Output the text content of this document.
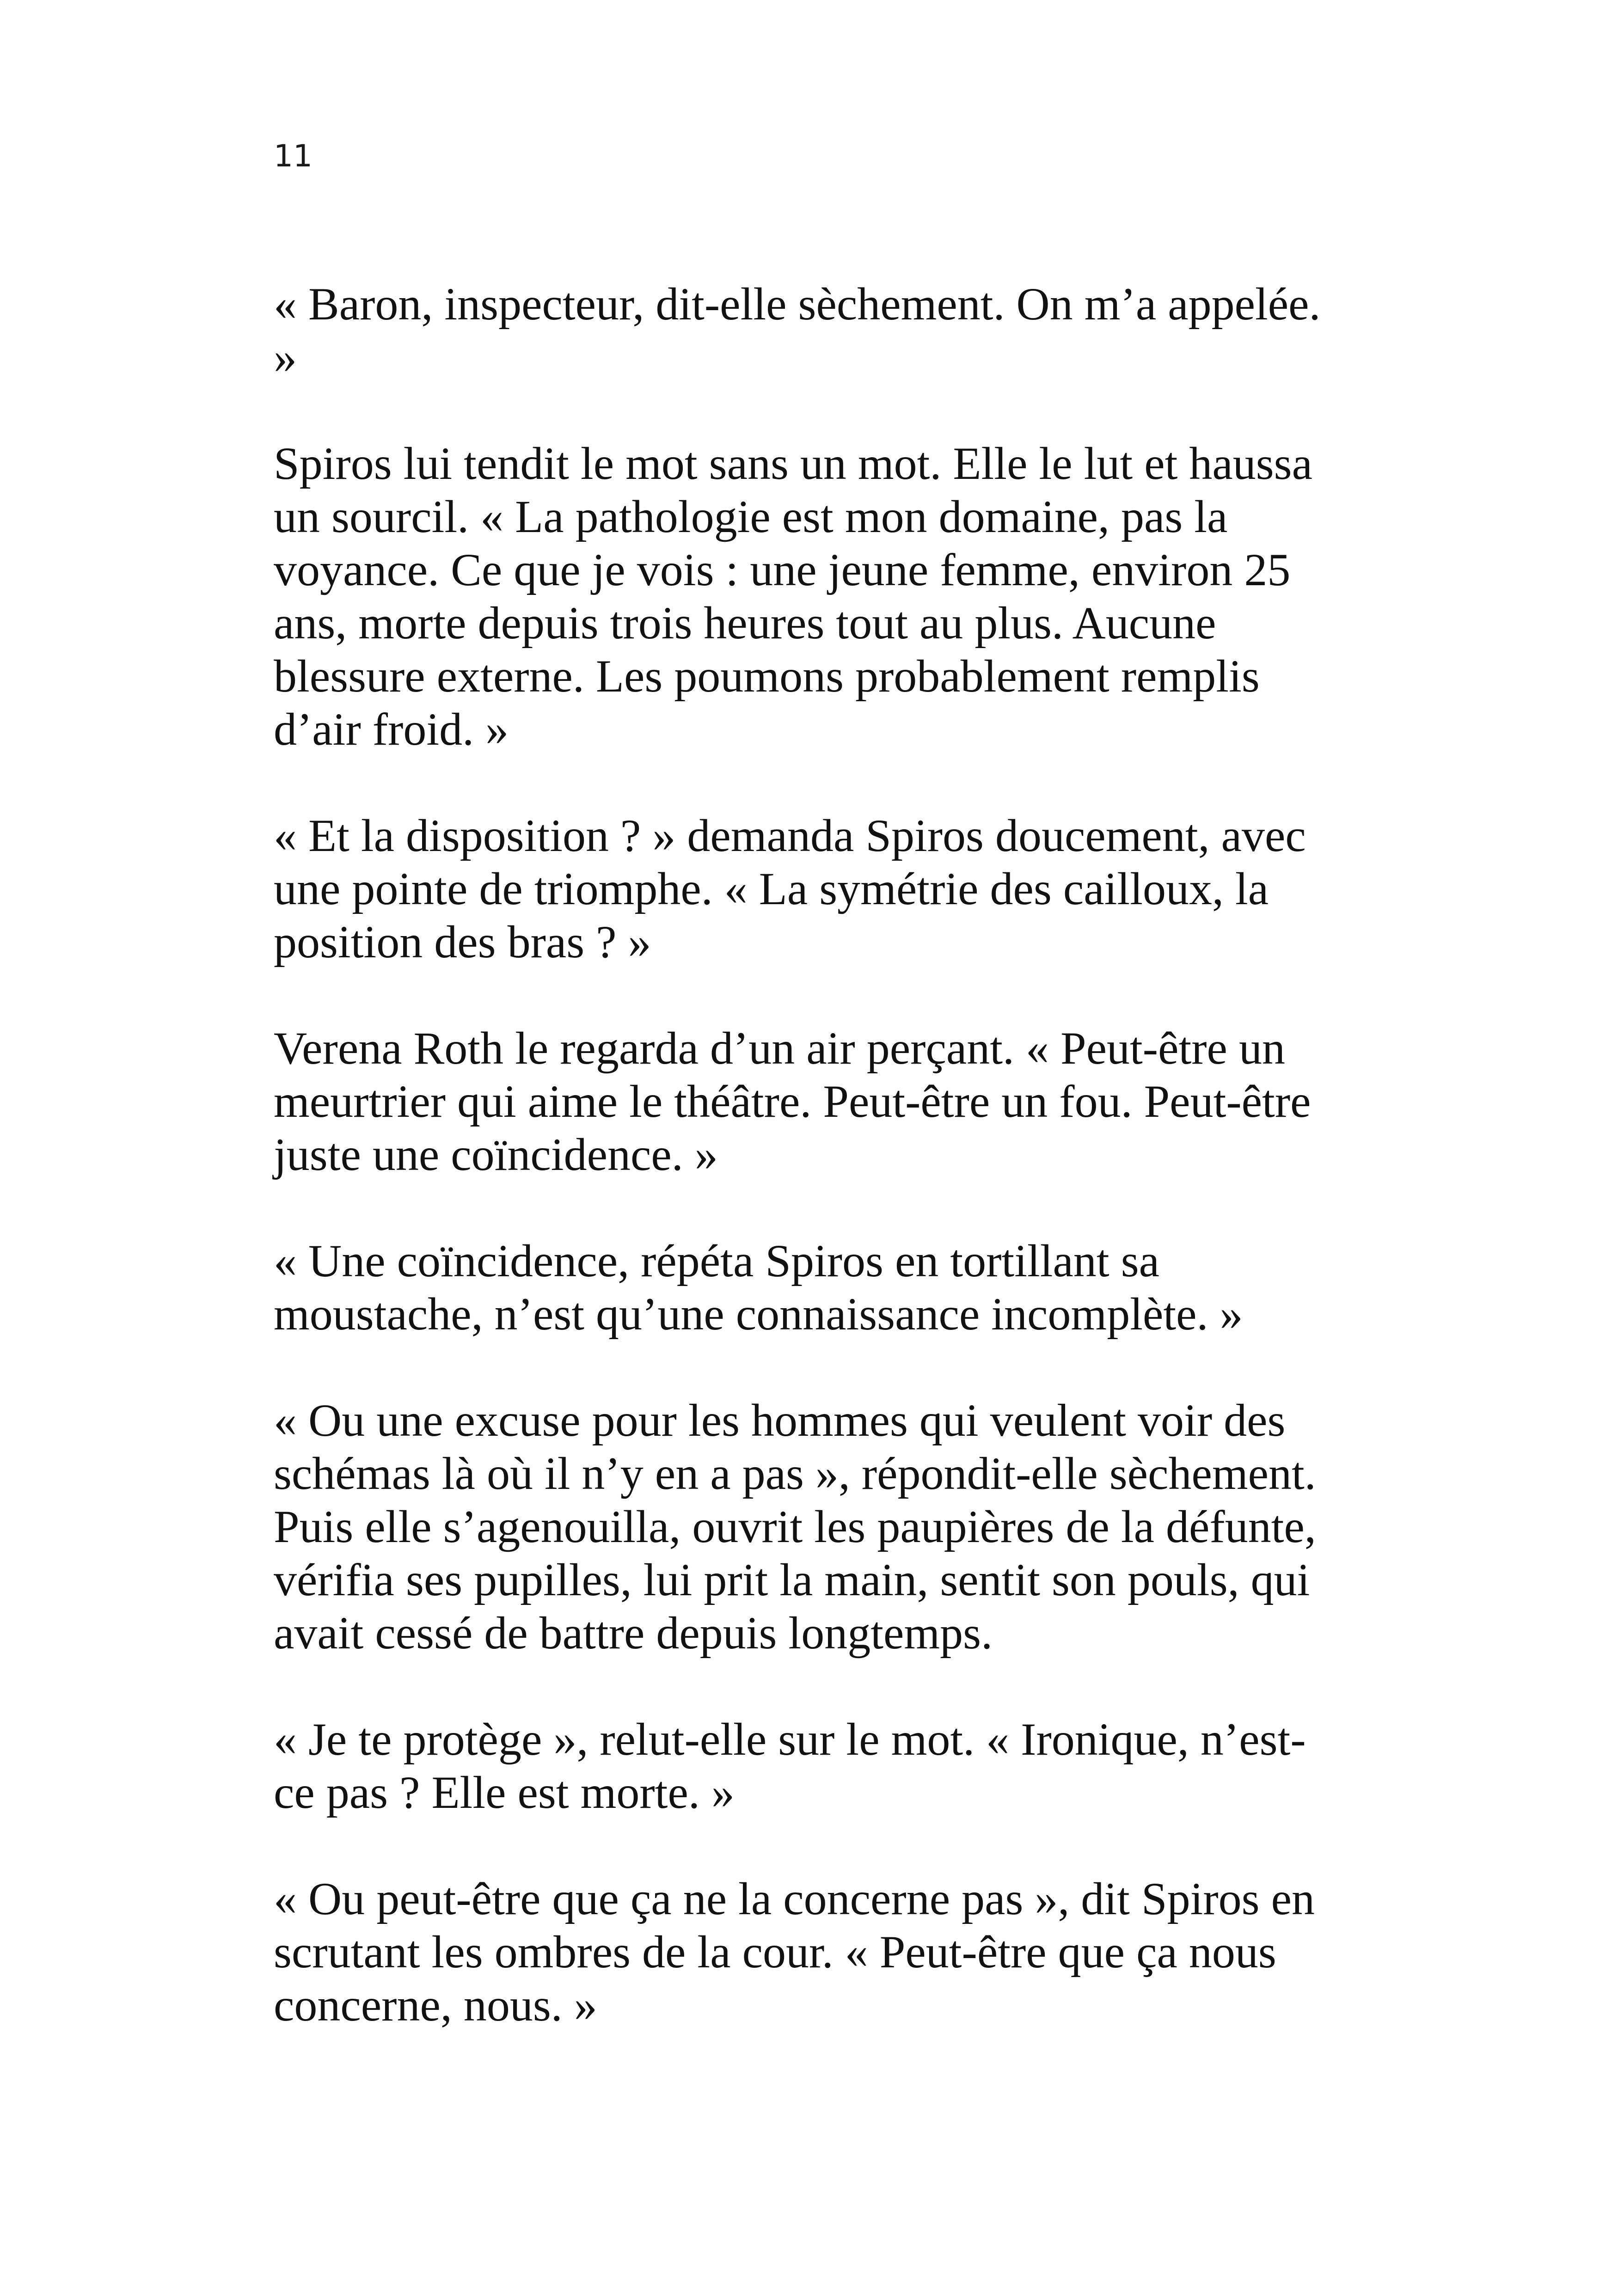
11

« Baron, inspecteur, dit-elle sèchement. On m’a appelée.
»

Spiros lui tendit le mot sans un mot. Elle le lut et haussa
un sourcil. « La pathologie est mon domaine, pas la
voyance. Ce que je vois : une jeune femme, environ 25
ans, morte depuis trois heures tout au plus. Aucune
blessure externe. Les poumons probablement remplis
d’air froid. »

« Et la disposition ? » demanda Spiros doucement, avec
une pointe de triomphe. « La symétrie des cailloux, la
position des bras ? »

Verena Roth le regarda d’un air perçant. « Peut-être un
meurtrier qui aime le théâtre. Peut-être un fou. Peut-être
juste une coïncidence. »

« Une coïncidence, répéta Spiros en tortillant sa
moustache, n’est qu’une connaissance incomplète. »

« Ou une excuse pour les hommes qui veulent voir des
schémas là où il n’y en a pas », répondit-elle sèchement.
Puis elle s’agenouilla, ouvrit les paupières de la défunte,
vérifia ses pupilles, lui prit la main, sentit son pouls, qui
avait cessé de battre depuis longtemps.

« Je te protège », relut-elle sur le mot. « Ironique, n’est-
ce pas ? Elle est morte. »

« Ou peut-être que ça ne la concerne pas », dit Spiros en
scrutant les ombres de la cour. « Peut-être que ça nous
concerne, nous. »
